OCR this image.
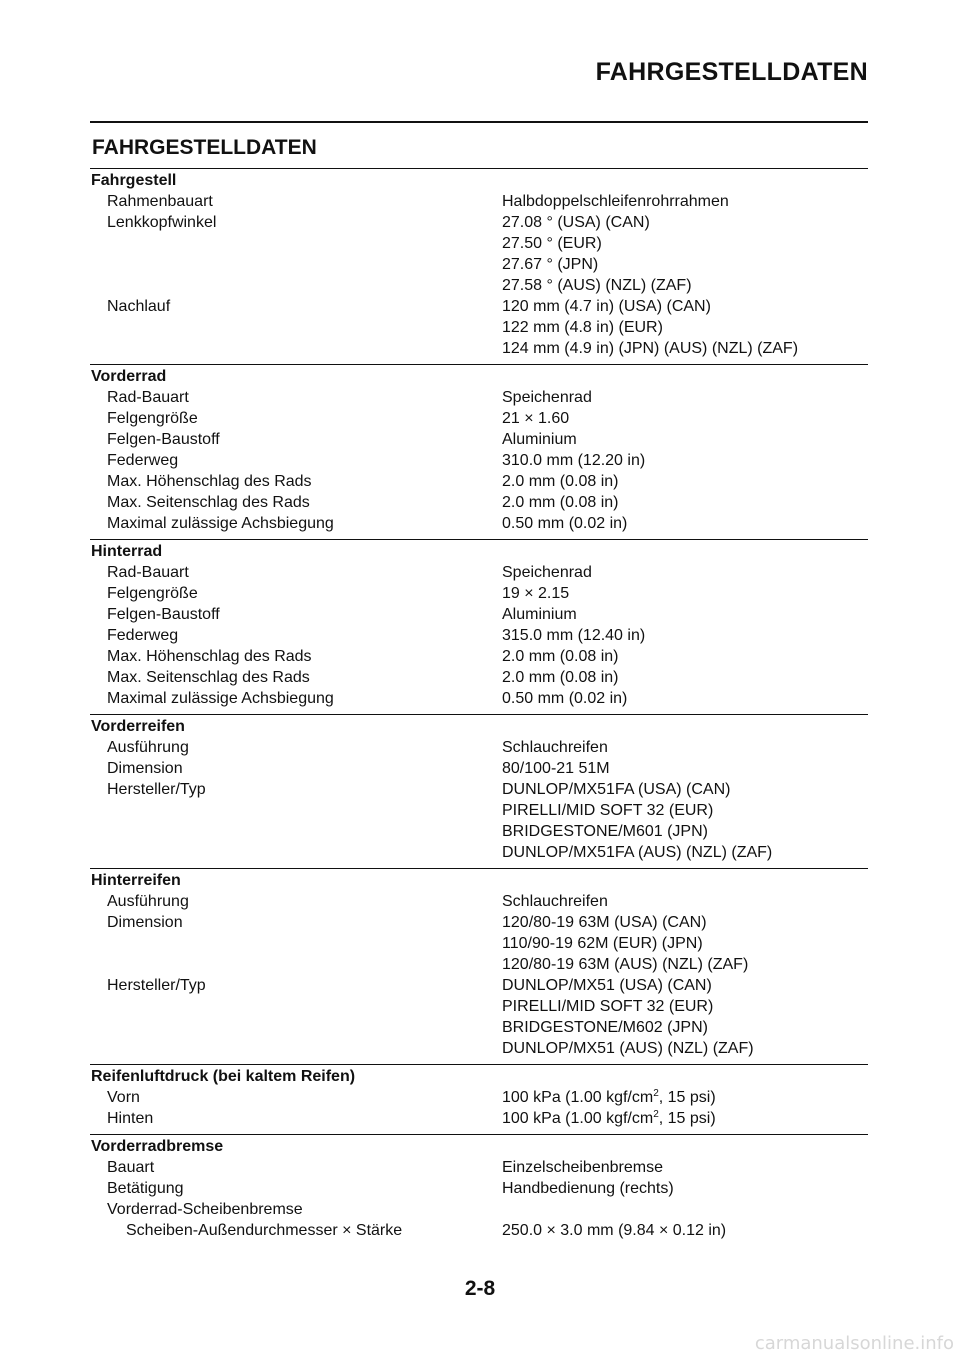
FAHRGESTELLDATEN
FAHRGESTELLDATEN
Fahrgestell
Rahmenbauart	Halbdoppelschleifenrohrrahmen
Lenkkopfwinkel	27.08 ° (USA) (CAN)
27.50 ° (EUR)
27.67 ° (JPN)
27.58 ° (AUS) (NZL) (ZAF)
Nachlauf	120 mm (4.7 in) (USA) (CAN)
122 mm (4.8 in) (EUR)
124 mm (4.9 in) (JPN) (AUS) (NZL) (ZAF)
Vorderrad
Rad-Bauart	Speichenrad
Felgengröße	21 × 1.60
Felgen-Baustoff	Aluminium
Federweg	310.0 mm (12.20 in)
Max. Höhenschlag des Rads	2.0 mm (0.08 in)
Max. Seitenschlag des Rads	2.0 mm (0.08 in)
Maximal zulässige Achsbiegung	0.50 mm (0.02 in)
Hinterrad
Rad-Bauart	Speichenrad
Felgengröße	19 × 2.15
Felgen-Baustoff	Aluminium
Federweg	315.0 mm (12.40 in)
Max. Höhenschlag des Rads	2.0 mm (0.08 in)
Max. Seitenschlag des Rads	2.0 mm (0.08 in)
Maximal zulässige Achsbiegung	0.50 mm (0.02 in)
Vorderreifen
Ausführung	Schlauchreifen
Dimension	80/100-21 51M
Hersteller/Typ	DUNLOP/MX51FA (USA) (CAN)
PIRELLI/MID SOFT 32 (EUR)
BRIDGESTONE/M601 (JPN)
DUNLOP/MX51FA (AUS) (NZL) (ZAF)
Hinterreifen
Ausführung	Schlauchreifen
Dimension	120/80-19 63M (USA) (CAN)
110/90-19 62M (EUR) (JPN)
120/80-19 63M (AUS) (NZL) (ZAF)
Hersteller/Typ	DUNLOP/MX51 (USA) (CAN)
PIRELLI/MID SOFT 32 (EUR)
BRIDGESTONE/M602 (JPN)
DUNLOP/MX51 (AUS) (NZL) (ZAF)
Reifenluftdruck (bei kaltem Reifen)
Vorn	100 kPa (1.00 kgf/$cm^2$, 15 psi)
Hinten	100 kPa (1.00 kgf/$cm^2$, 15 psi)
Vorderradbremse
Bauart	Einzelscheibenbremse
Betätigung	Handbedienung (rechts)
Vorderrad-Scheibenbremse
Scheiben-Außendurchmesser × Stärke	250.0 × 3.0 mm (9.84 × 0.12 in)
2-8
carmanualsonline.info
